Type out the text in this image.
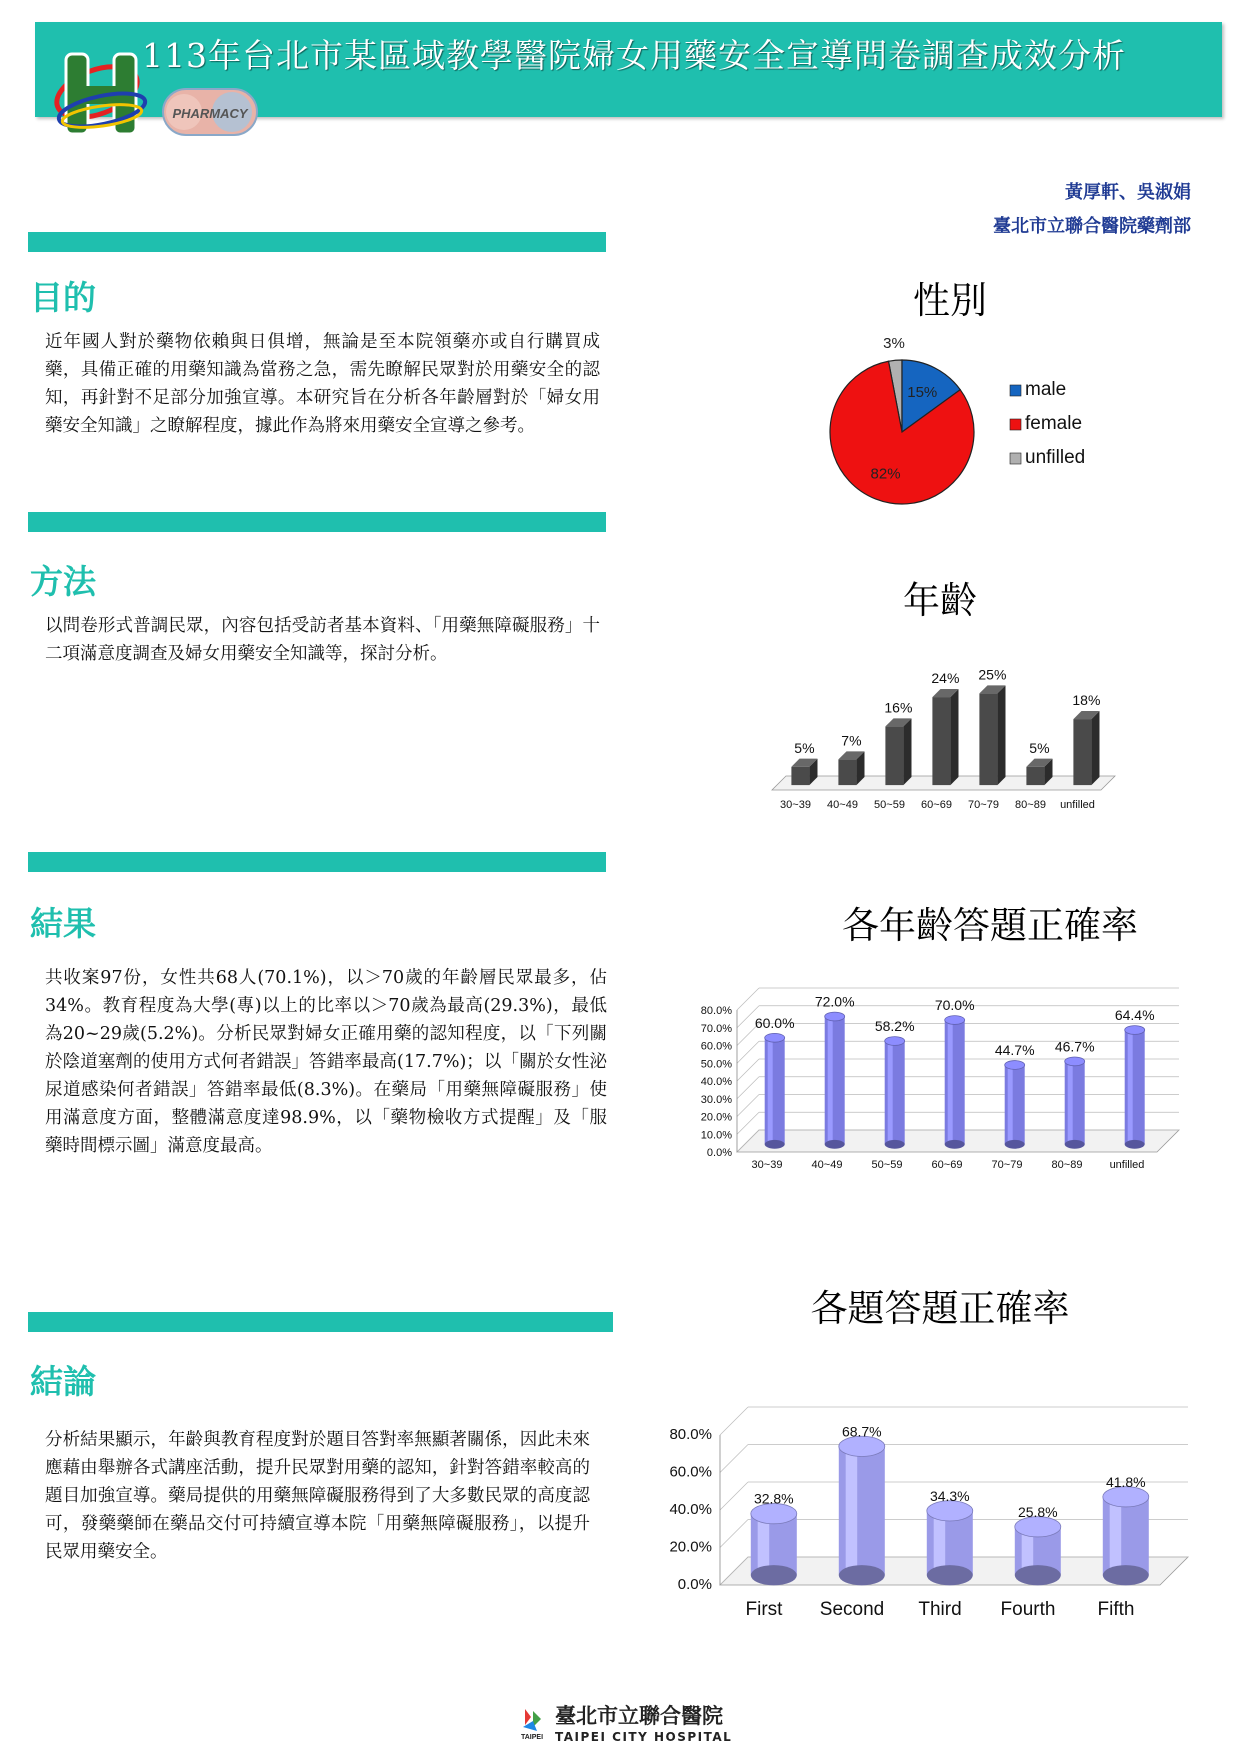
113年台北市某區域教學醫院婦女用藥安全宣導問卷調查成效分析
PHARMACY
黃厚軒、吳淑娟
臺北市立聯合醫院藥劑部
目的
近年國人對於藥物依賴與日俱增，無論是至本院領藥亦或自行購買成藥，具備正確的用藥知識為當務之急，需先瞭解民眾對於用藥安全的認知，再針對不足部分加強宣導。本研究旨在分析各年齡層對於「婦女用藥安全知識」之瞭解程度，據此作為將來用藥安全宣導之參考。
方法
以問卷形式普調民眾，內容包括受訪者基本資料、「用藥無障礙服務」十二項滿意度調查及婦女用藥安全知識等，探討分析。
結果
共收案97份，女性共68人(70.1%)，以＞70歲的年齡層民眾最多，佔34%。教育程度為大學(專)以上的比率以＞70歲為最高(29.3%)，最低為20~29歲(5.2%)。分析民眾對婦女正確用藥的認知程度，以「下列關於陰道塞劑的使用方式何者錯誤」答錯率最高(17.7%)；以「關於女性泌尿道感染何者錯誤」答錯率最低(8.3%)。在藥局「用藥無障礙服務」使用滿意度方面，整體滿意度達98.9%，以「藥物檢收方式提醒」及「服藥時間標示圖」滿意度最高。
結論
分析結果顯示，年齡與教育程度對於題目答對率無顯著關係，因此未來應藉由舉辦各式講座活動，提升民眾對用藥的認知，針對答錯率較高的題目加強宣導。藥局提供的用藥無障礙服務得到了大多數民眾的高度認可，發藥藥師在藥品交付可持續宣導本院「用藥無障礙服務」，以提升民眾用藥安全。
性別
3%
15%
82%
male
female
unfilled
年齡
5%
30~39
7%
40~49
16%
50~59
24%
60~69
25%
70~79
5%
80~89
18%
unfilled
各年齡答題正確率
0.0%
10.0%
20.0%
30.0%
40.0%
50.0%
60.0%
70.0%
80.0%
60.0%
30~39
72.0%
40~49
58.2%
50~59
70.0%
60~69
44.7%
70~79
46.7%
80~89
64.4%
unfilled
各題答題正確率
0.0%
20.0%
40.0%
60.0%
80.0%
32.8%
First
68.7%
Second
34.3%
Third
25.8%
Fourth
41.8%
Fifth
TAIPEI
臺北市立聯合醫院
TAIPEI CITY HOSPITAL
